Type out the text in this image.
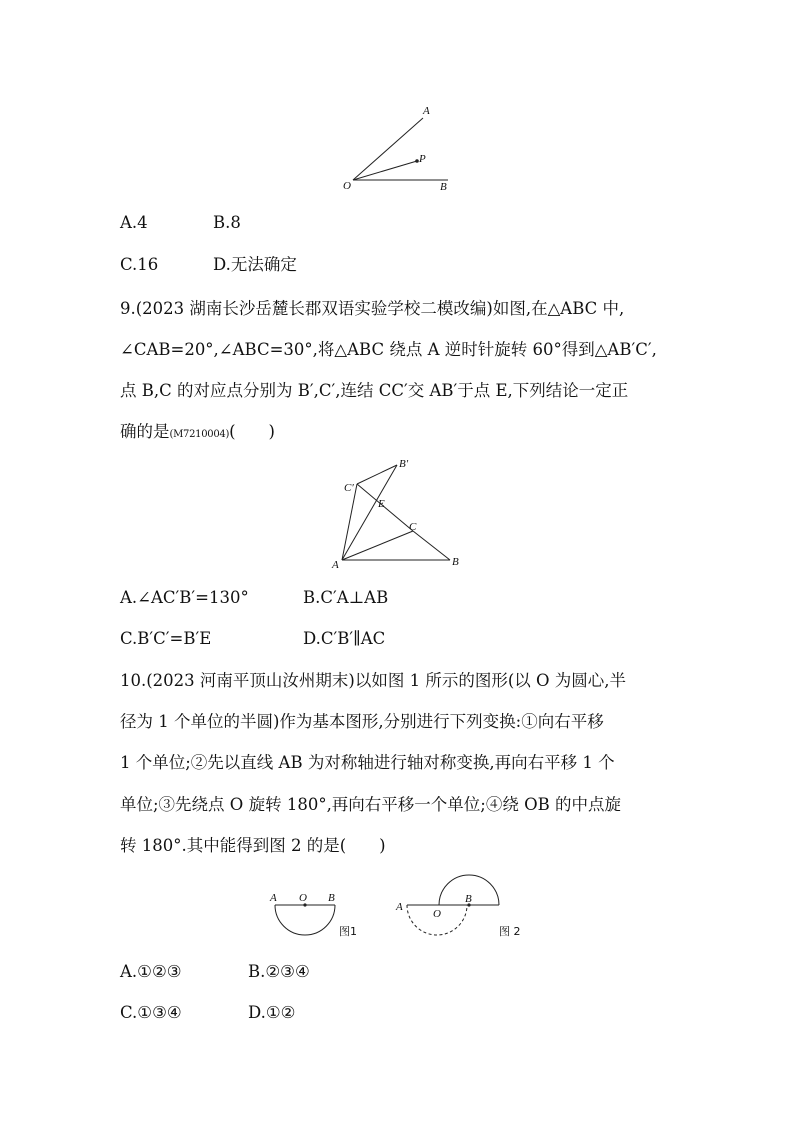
A
P
O	B
A.4	B.8
C.16	D.无法确定
9.(2023 湖南长沙岳麓长郡双语实验学校二模改编)如图,在△ABC 中,
∠CAB=20°,∠ABC=30°,将△ABC 绕点 A 逆时针旋转 60°得到△AB′C′,
点 B,C 的对应点分别为 B′,C′,连结 CC′交 AB′于点 E,下列结论一定正
确的是(M7210004)(　　)
B′
C′
E
C
A	B
A.∠AC′B′=130°	B.C′A⊥AB
C.B′C′=B′E	D.C′B′∥AC
10.(2023 河南平顶山汝州期末)以如图 1 所示的图形(以 O 为圆心,半
径为 1 个单位的半圆)作为基本图形,分别进行下列变换:①向右平移
1 个单位;②先以直线 AB 为对称轴进行轴对称变换,再向右平移 1 个
单位;③先绕点 O 旋转 180°,再向右平移一个单位;④绕 OB 的中点旋
转 180°.其中能得到图 2 的是(　　)
A O B
图1
A
O
B
图 2
A.①②③	B.②③④
C.①③④	D.①②
